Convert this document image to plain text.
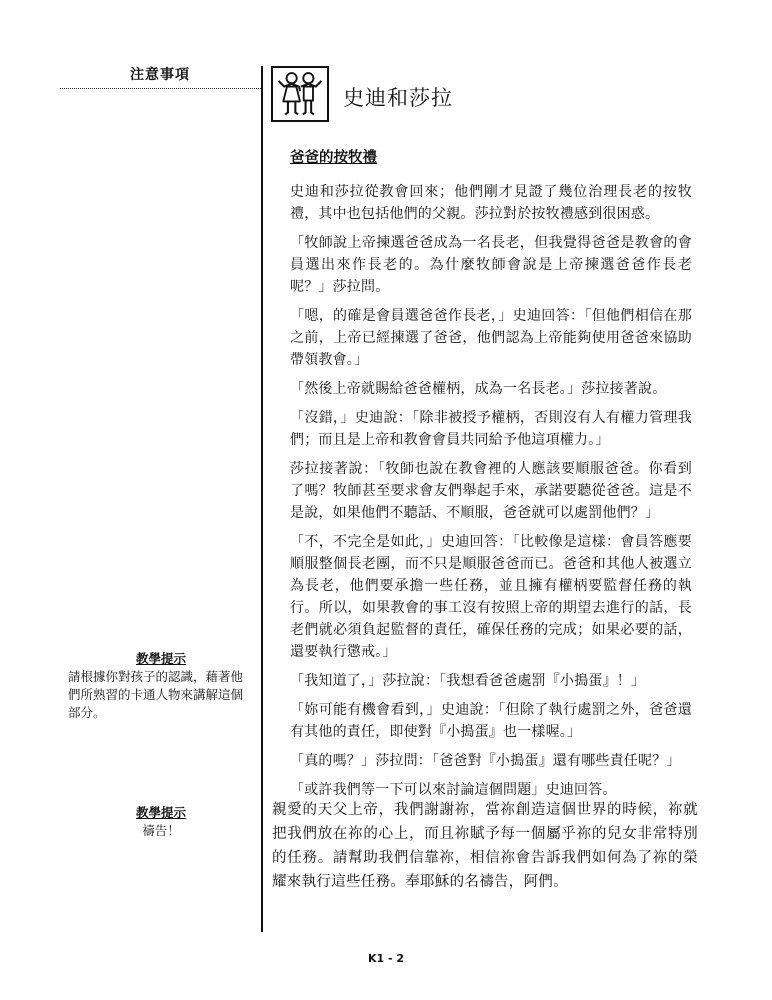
注意事項
教學提示
請根據你對孩子的認識，藉著他們所熟習的卡通人物來講解這個部分。
教學提示
禱告！
史迪和莎拉
爸爸的按牧禮

史迪和莎拉從教會回來；他們剛才見證了幾位治理長老的按牧禮，其中也包括他們的父親。莎拉對於按牧禮感到很困惑。

「牧師說上帝揀選爸爸成為一名長老，但我覺得爸爸是教會的會員選出來作長老的。為什麼牧師會說是上帝揀選爸爸作長老呢？」莎拉問。

「嗯，的確是會員選爸爸作長老，」史迪回答：「但他們相信在那之前，上帝已經揀選了爸爸，他們認為上帝能夠使用爸爸來協助帶領教會。」

「然後上帝就賜給爸爸權柄，成為一名長老。」莎拉接著說。

「沒錯，」史迪說：「除非被授予權柄，否則沒有人有權力管理我們；而且是上帝和教會會員共同給予他這項權力。」

莎拉接著說：「牧師也說在教會裡的人應該要順服爸爸。你看到了嗎？牧師甚至要求會友們舉起手來，承諾要聽從爸爸。這是不是說，如果他們不聽話、不順服，爸爸就可以處罰他們？」

「不，不完全是如此，」史迪回答：「比較像是這樣：會員答應要順服整個長老團，而不只是順服爸爸而已。爸爸和其他人被選立為長老，他們要承擔一些任務，並且擁有權柄要監督任務的執行。所以，如果教會的事工沒有按照上帝的期望去進行的話，長老們就必須負起監督的責任，確保任務的完成；如果必要的話，還要執行懲戒。」

「我知道了，」莎拉說：「我想看爸爸處罰『小搗蛋』！」

「妳可能有機會看到，」史迪說：「但除了執行處罰之外，爸爸還有其他的責任，即使對『小搗蛋』也一樣喔。」

「真的嗎？」莎拉問：「爸爸對『小搗蛋』還有哪些責任呢？」

「或許我們等一下可以來討論這個問題」史迪回答。

親愛的天父上帝，我們謝謝祢，當祢創造這個世界的時候，祢就把我們放在祢的心上，而且祢賦予每一個屬乎祢的兒女非常特別的任務。請幫助我們信靠祢，相信祢會告訴我們如何為了祢的榮耀來執行這些任務。奉耶穌的名禱告，阿們。

K1 - 2
